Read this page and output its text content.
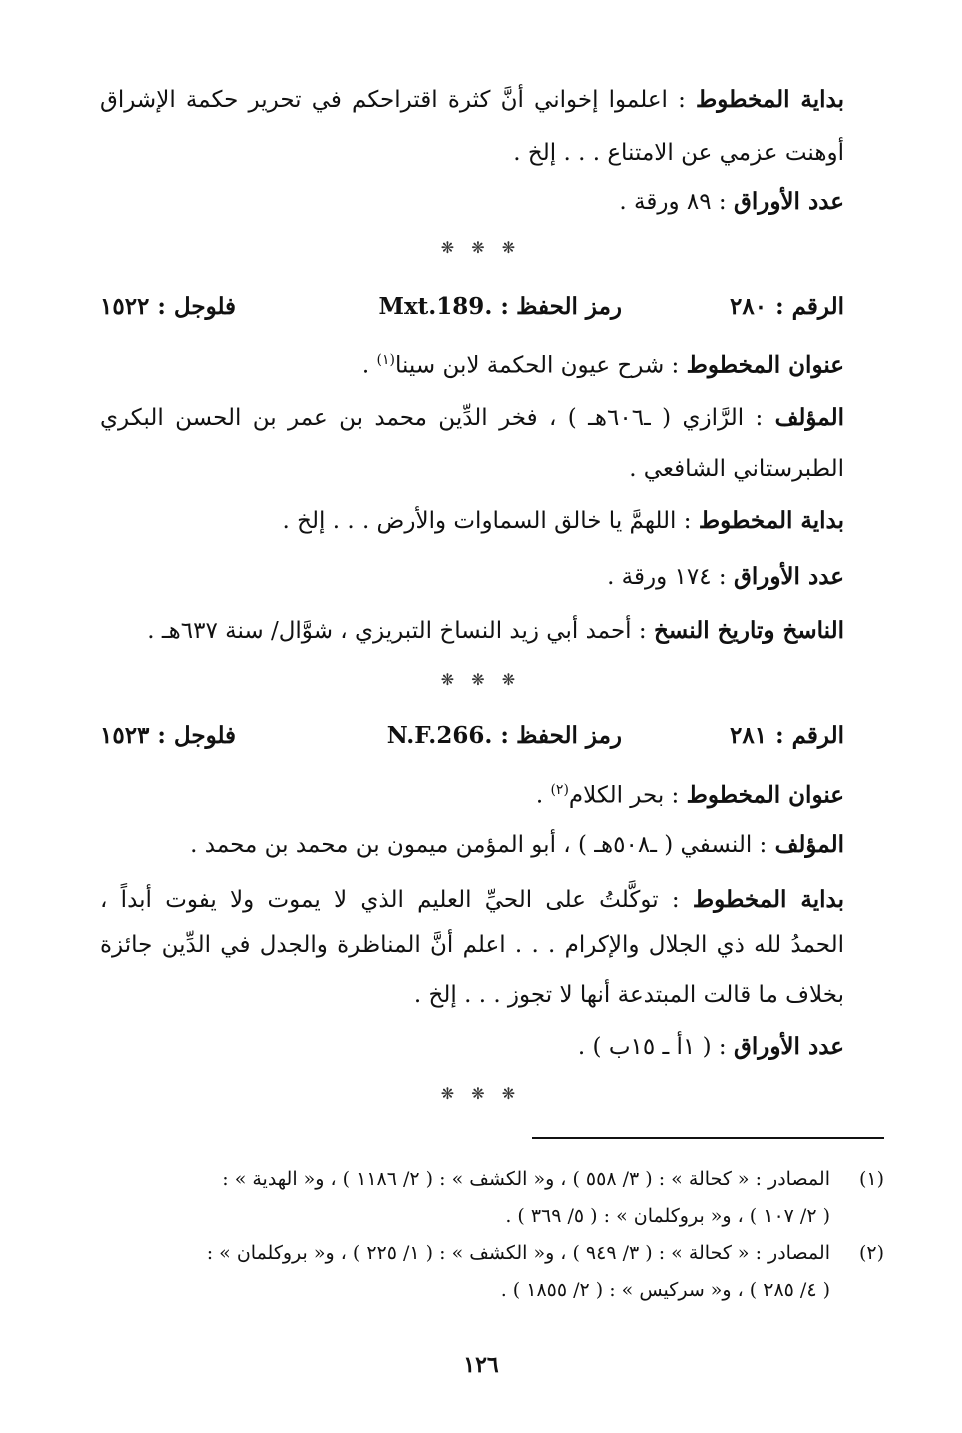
بداية المخطوط : اعلموا إخواني أنَّ كثرة اقتراحكم في تحرير حكمة الإشراق
أوهنت عزمي عن الامتناع . . . إلخ .
عدد الأوراق : ٨٩ ورقة .
❋ ❋ ❋
الرقم : ٢٨٠
رمز الحفظ : .Mxt.189
فلوجل : ١٥٢٢
عنوان المخطوط : شرح عيون الحكمة لابن سينا$^{(١)}$ .
المؤلف : الرَّازي ( ـ٦٠٦هـ ) ، فخر الدِّين محمد بن عمر بن الحسن البكري
الطبرستاني الشافعي .
بداية المخطوط : اللهمَّ يا خالق السماوات والأرض . . . إلخ .
عدد الأوراق : ١٧٤ ورقة .
الناسخ وتاريخ النسخ : أحمد أبي زيد النساخ التبريزي ، شوَّال/ سنة ٦٣٧هـ .
❋ ❋ ❋
الرقم : ٢٨١
رمز الحفظ : .N.F.266
فلوجل : ١٥٢٣
عنوان المخطوط : بحر الكلام$^{(٢)}$ .
المؤلف : النسفي ( ـ٥٠٨هـ ) ، أبو المؤمن ميمون بن محمد بن محمد .
بداية المخطوط : توكَّلتُ على الحيِّ العليم الذي لا يموت ولا يفوت أبداً ،
الحمدُ لله ذي الجلال والإكرام . . . اعلم أنَّ المناظرة والجدل في الدِّين جائزة
بخلاف ما قالت المبتدعة أنها لا تجوز . . . إلخ .
عدد الأوراق : ( ١أ ـ ١٥ب ) .
❋ ❋ ❋
(١)
المصادر : « كحالة » : ( ٣/ ٥٥٨ ) ، و« الكشف » : ( ٢/ ١١٨٦ ) ، و« الهدية » :
( ٢/ ١٠٧ ) ، و« بروكلمان » : ( ٥/ ٣٦٩ ) .
(٢)
المصادر : « كحالة » : ( ٣/ ٩٤٩ ) ، و« الكشف » : ( ١/ ٢٢٥ ) ، و« بروكلمان » :
( ٤/ ٢٨٥ ) ، و« سركيس » : ( ٢/ ١٨٥٥ ) .
١٢٦
